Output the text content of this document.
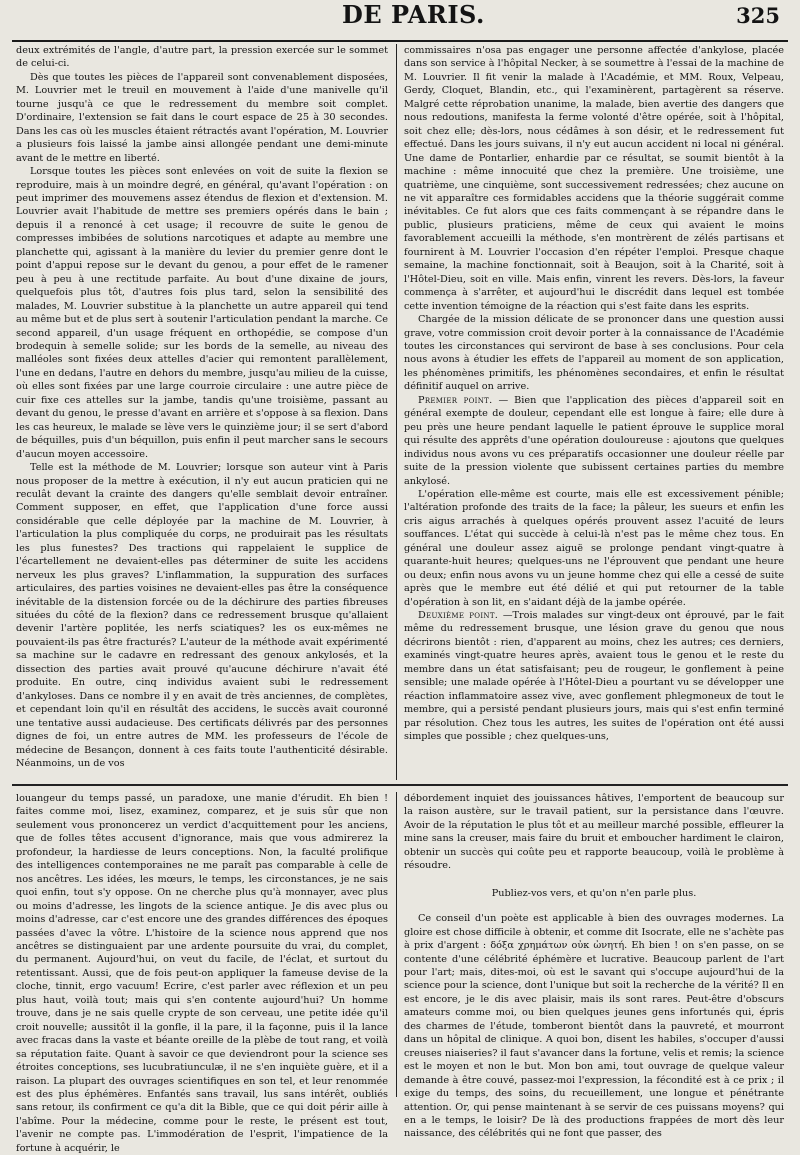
DE PARIS.	325

deux extrémités de l'angle, d'autre part, la pression exercée sur le sommet de celui-ci.

Dès que toutes les pièces de l'appareil sont convenablement disposées, M. Louvrier met le treuil en mouvement à l'aide d'une manivelle qu'il tourne jusqu'à ce que le redressement du membre soit complet. D'ordinaire, l'extension se fait dans le court espace de 25 à 30 secondes. Dans les cas où les muscles étaient rétractés avant l'opération, M. Louvrier a plusieurs fois laissé la jambe ainsi allongée pendant une demi-minute avant de le mettre en liberté.

Lorsque toutes les pièces sont enlevées on voit de suite la flexion se reproduire, mais à un moindre degré, en général, qu'avant l'opération : on peut imprimer des mouvemens assez étendus de flexion et d'extension. M. Louvrier avait l'habitude de mettre ses premiers opérés dans le bain ; depuis il a renoncé à cet usage; il recouvre de suite le genou de compresses imbibées de solutions narcotiques et adapte au membre une planchette qui, agissant à la manière du levier du premier genre dont le point d'appui repose sur le devant du genou, a pour effet de le ramener peu à peu à une rectitude parfaite. Au bout d'une dixaine de jours, quelquefois plus tôt, d'autres fois plus tard, selon la sensibilité des malades, M. Louvrier substitue à la planchette un autre appareil qui tend au même but et de plus sert à soutenir l'articulation pendant la marche. Ce second appareil, d'un usage fréquent en orthopédie, se compose d'un brodequin à semelle solide; sur les bords de la semelle, au niveau des malléoles sont fixées deux attelles d'acier qui remontent parallèlement, l'une en dedans, l'autre en dehors du membre, jusqu'au milieu de la cuisse, où elles sont fixées par une large courroie circulaire : une autre pièce de cuir fixe ces attelles sur la jambe, tandis qu'une troisième, passant au devant du genou, le presse d'avant en arrière et s'oppose à sa flexion. Dans les cas heureux, le malade se lève vers le quinzième jour; il se sert d'abord de béquilles, puis d'un béquillon, puis enfin il peut marcher sans le secours d'aucun moyen accessoire.

Telle est la méthode de M. Louvrier; lorsque son auteur vint à Paris nous proposer de la mettre à exécution, il n'y eut aucun praticien qui ne reculât devant la crainte des dangers qu'elle semblait devoir entraîner. Comment supposer, en effet, que l'application d'une force aussi considérable que celle déployée par la machine de M. Louvrier, à l'articulation la plus compliquée du corps, ne produirait pas les résultats les plus funestes? Des tractions qui rappelaient le supplice de l'écartellement ne devaient-elles pas déterminer de suite les accidens nerveux les plus graves? L'inflammation, la suppuration des surfaces articulaires, des parties voisines ne devaient-elles pas être la conséquence inévitable de la distension forcée ou de la déchirure des parties fibreuses situées du côté de la flexion? dans ce redressement brusque qu'allaient devenir l'artère poplitée, les nerfs sciatiques? les os eux-mêmes ne pouvaient-ils pas être fracturés? L'auteur de la méthode avait expérimenté sa machine sur le cadavre en redressant des genoux ankylosés, et la dissection des parties avait prouvé qu'aucune déchirure n'avait été produite. En outre, cinq individus avaient subi le redressement d'ankyloses. Dans ce nombre il y en avait de très anciennes, de complètes, et cependant loin qu'il en résultât des accidens, le succès avait couronné une tentative aussi audacieuse. Des certificats délivrés par des personnes dignes de foi, un entre autres de MM. les professeurs de l'école de médecine de Besançon, donnent à ces faits toute l'authenticité désirable. Néanmoins, un de vos

commissaires n'osa pas engager une personne affectée d'ankylose, placée dans son service à l'hôpital Necker, à se soumettre à l'essai de la machine de M. Louvrier. Il fit venir la malade à l'Académie, et MM. Roux, Velpeau, Gerdy, Cloquet, Blandin, etc., qui l'examinèrent, partagèrent sa réserve. Malgré cette réprobation unanime, la malade, bien avertie des dangers que nous redoutions, manifesta la ferme volonté d'être opérée, soit à l'hôpital, soit chez elle; dès-lors, nous cédâmes à son désir, et le redressement fut effectué. Dans les jours suivans, il n'y eut aucun accident ni local ni général. Une dame de Pontarlier, enhardie par ce résultat, se soumit bientôt à la machine : même innocuité que chez la première. Une troisième, une quatrième, une cinquième, sont successivement redressées; chez aucune on ne vit apparaître ces formidables accidens que la théorie suggérait comme inévitables. Ce fut alors que ces faits commençant à se répandre dans le public, plusieurs praticiens, même de ceux qui avaient le moins favorablement accueilli la méthode, s'en montrèrent de zélés partisans et fournirent à M. Louvrier l'occasion d'en répéter l'emploi. Presque chaque semaine, la machine fonctionnait, soit à Beaujon, soit à la Charité, soit à l'Hôtel-Dieu, soit en ville. Mais enfin, vinrent les revers. Dès-lors, la faveur commença à s'arrêter, et aujourd'hui le discrédit dans lequel est tombée cette invention témoigne de la réaction qui s'est faite dans les esprits.

Chargée de la mission délicate de se prononcer dans une question aussi grave, votre commission croit devoir porter à la connaissance de l'Académie toutes les circonstances qui serviront de base à ses conclusions. Pour cela nous avons à étudier les effets de l'appareil au moment de son application, les phénomènes primitifs, les phénomènes secondaires, et enfin le résultat définitif auquel on arrive.

Premier point. — Bien que l'application des pièces d'appareil soit en général exempte de douleur, cependant elle est longue à faire; elle dure à peu près une heure pendant laquelle le patient éprouve le supplice moral qui résulte des apprêts d'une opération douloureuse : ajoutons que quelques individus nous avons vu ces préparatifs occasionner une douleur réelle par suite de la pression violente que subissent certaines parties du membre ankylosé.

L'opération elle-même est courte, mais elle est excessivement pénible; l'altération profonde des traits de la face; la pâleur, les sueurs et enfin les cris aigus arrachés à quelques opérés prouvent assez l'acuité de leurs souffances. L'état qui succède à celui-là n'est pas le même chez tous. En général une douleur assez aiguë se prolonge pendant vingt-quatre à quarante-huit heures; quelques-uns ne l'éprouvent que pendant une heure ou deux; enfin nous avons vu un jeune homme chez qui elle a cessé de suite après que le membre eut été délié et qui put retourner de la table d'opération à son lit, en s'aidant déjà de la jambe opérée.

Deuxième point. —Trois malades sur vingt-deux ont éprouvé, par le fait même du redressement brusque, une lésion grave du genou que nous décrirons bientôt : rien, d'apparent au moins, chez les autres; ces derniers, examinés vingt-quatre heures après, avaient tous le genou et le reste du membre dans un état satisfaisant; peu de rougeur, le gonflement à peine sensible; une malade opérée à l'Hôtel-Dieu a pourtant vu se développer une réaction inflammatoire assez vive, avec gonflement phlegmoneux de tout le membre, qui a persisté pendant plusieurs jours, mais qui s'est enfin terminé par résolution. Chez tous les autres, les suites de l'opération ont été aussi simples que possible ; chez quelques-uns,

louangeur du temps passé, un paradoxe, une manie d'érudit. Eh bien ! faites comme moi, lisez, examinez, comparez, et je suis sûr que non seulement vous prononcerez un verdict d'acquittement pour les anciens, que de folles têtes accusent d'ignorance, mais que vous admirerez la profondeur, la hardiesse de leurs conceptions. Non, la faculté prolifique des intelligences contemporaines ne me paraît pas comparable à celle de nos ancêtres. Les idées, les mœurs, le temps, les circonstances, je ne sais quoi enfin, tout s'y oppose. On ne cherche plus qu'à monnayer, avec plus ou moins d'adresse, les lingots de la science antique. Je dis avec plus ou moins d'adresse, car c'est encore une des grandes différences des époques passées d'avec la vôtre. L'histoire de la science nous apprend que nos ancêtres se distinguaient par une ardente poursuite du vrai, du complet, du permanent. Aujourd'hui, on veut du facile, de l'éclat, et surtout du retentissant. Aussi, que de fois peut-on appliquer la fameuse devise de la cloche, tinnit, ergo vacuum! Ecrire, c'est parler avec réflexion et un peu plus haut, voilà tout; mais qui s'en contente aujourd'hui? Un homme trouve, dans je ne sais quelle crypte de son cerveau, une petite idée qu'il croit nouvelle; aussitôt il la gonfle, il la pare, il la façonne, puis il la lance avec fracas dans la vaste et béante oreille de la plèbe de tout rang, et voilà sa réputation faite. Quant à savoir ce que deviendront pour la science ses étroites conceptions, ses lucubratiunculæ, il ne s'en inquiète guère, et il a raison. La plupart des ouvrages scientifiques en son tel, et leur renommée est des plus éphémères. Enfantés sans travail, lus sans intérêt, oubliés sans retour, ils confirment ce qu'a dit la Bible, que ce qui doit périr aille à l'abîme. Pour la médecine, comme pour le reste, le présent est tout, l'avenir ne compte pas. L'immodération de l'esprit, l'impatience de la fortune à acquérir, le

débordement inquiet des jouissances hâtives, l'emportent de beaucoup sur la raison austère, sur le travail patient, sur la persistance dans l'œuvre. Avoir de la réputation le plus tôt et au meilleur marché possible, effleurer la mine sans la creuser, mais faire du bruit et emboucher hardiment le clairon, obtenir un succès qui coûte peu et rapporte beaucoup, voilà le problème à résoudre.

Publiez-vos vers, et qu'on n'en parle plus.

Ce conseil d'un poète est applicable à bien des ouvrages modernes. La gloire est chose difficile à obtenir, et comme dit Isocrate, elle ne s'achète pas à prix d'argent : δόξα χρημάτων οὐκ ὠνητή. Eh bien ! on s'en passe, on se contente d'une célébrité éphémère et lucrative. Beaucoup parlent de l'art pour l'art; mais, dites-moi, où est le savant qui s'occupe aujourd'hui de la science pour la science, dont l'unique but soit la recherche de la vérité? Il en est encore, je le dis avec plaisir, mais ils sont rares. Peut-être d'obscurs amateurs comme moi, ou bien quelques jeunes gens infortunés qui, épris des charmes de l'étude, tomberont bientôt dans la pauvreté, et mourront dans un hôpital de clinique. A quoi bon, disent les habiles, s'occuper d'aussi creuses niaiseries? il faut s'avancer dans la fortune, velis et remis; la science est le moyen et non le but. Mon bon ami, tout ouvrage de quelque valeur demande à être couvé, passez-moi l'expression, la fécondité est à ce prix ; il exige du temps, des soins, du recueillement, une longue et pénétrante attention. Or, qui pense maintenant à se servir de ces puissans moyens? qui en a le temps, le loisir? De là des productions frappées de mort dès leur naissance, des célébrités qui ne font que passer, des
